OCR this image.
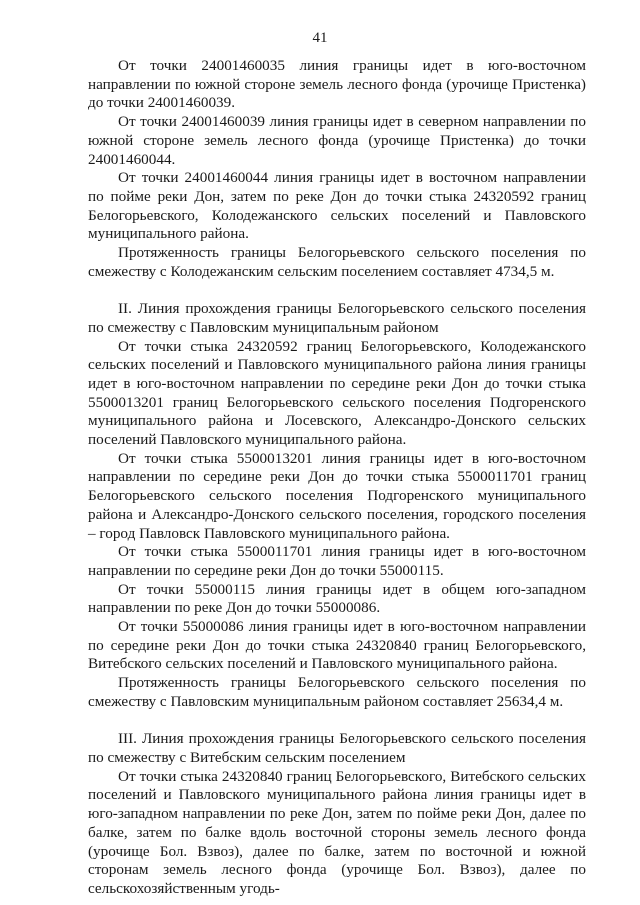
41

От точки 24001460035 линия границы идет в юго-восточном направлении по южной стороне земель лесного фонда (урочище Пристенка) до точки 24001460039.

От точки 24001460039 линия границы идет в северном направлении по южной стороне земель лесного фонда (урочище Пристенка) до точки 24001460044.

От точки 24001460044 линия границы идет в восточном направлении по пойме реки Дон, затем по реке Дон до точки стыка 24320592 границ Белогорьевского, Колодежанского сельских поселений и Павловского муниципального района.

Протяженность границы Белогорьевского сельского поселения по смежеству с Колодежанским сельским поселением составляет 4734,5 м.

II. Линия прохождения границы Белогорьевского сельского поселения по смежеству с Павловским муниципальным районом

От точки стыка 24320592 границ Белогорьевского, Колодежанского сельских поселений и Павловского муниципального района линия границы идет в юго-восточном направлении по середине реки Дон до точки стыка 5500013201 границ Белогорьевского сельского поселения Подгоренского муниципального района и Лосевского, Александро-Донского сельских поселений Павловского муниципального района.

От точки стыка 5500013201 линия границы идет в юго-восточном направлении по середине реки Дон до точки стыка 5500011701 границ Белогорьевского сельского поселения Подгоренского муниципального района и Александро-Донского сельского поселения, городского поселения – город Павловск Павловского муниципального района.

От точки стыка 5500011701 линия границы идет в юго-восточном направлении по середине реки Дон до точки 55000115.

От точки 55000115 линия границы идет в общем юго-западном направлении по реке Дон до точки 55000086.

От точки 55000086 линия границы идет в юго-восточном направлении по середине реки Дон до точки стыка 24320840 границ Белогорьевского, Витебского сельских поселений и Павловского муниципального района.

Протяженность границы Белогорьевского сельского поселения по смежеству с Павловским муниципальным районом составляет 25634,4 м.

III. Линия прохождения границы Белогорьевского сельского поселения по смежеству с Витебским сельским поселением

От точки стыка 24320840 границ Белогорьевского, Витебского сельских поселений и Павловского муниципального района линия границы идет в юго-западном направлении по реке Дон, затем по пойме реки Дон, далее по балке, затем по балке вдоль восточной стороны земель лесного фонда (урочище Бол. Взвоз), далее по балке, затем по восточной и южной сторонам земель лесного фонда (урочище Бол. Взвоз), далее по сельскохозяйственным угодь-
